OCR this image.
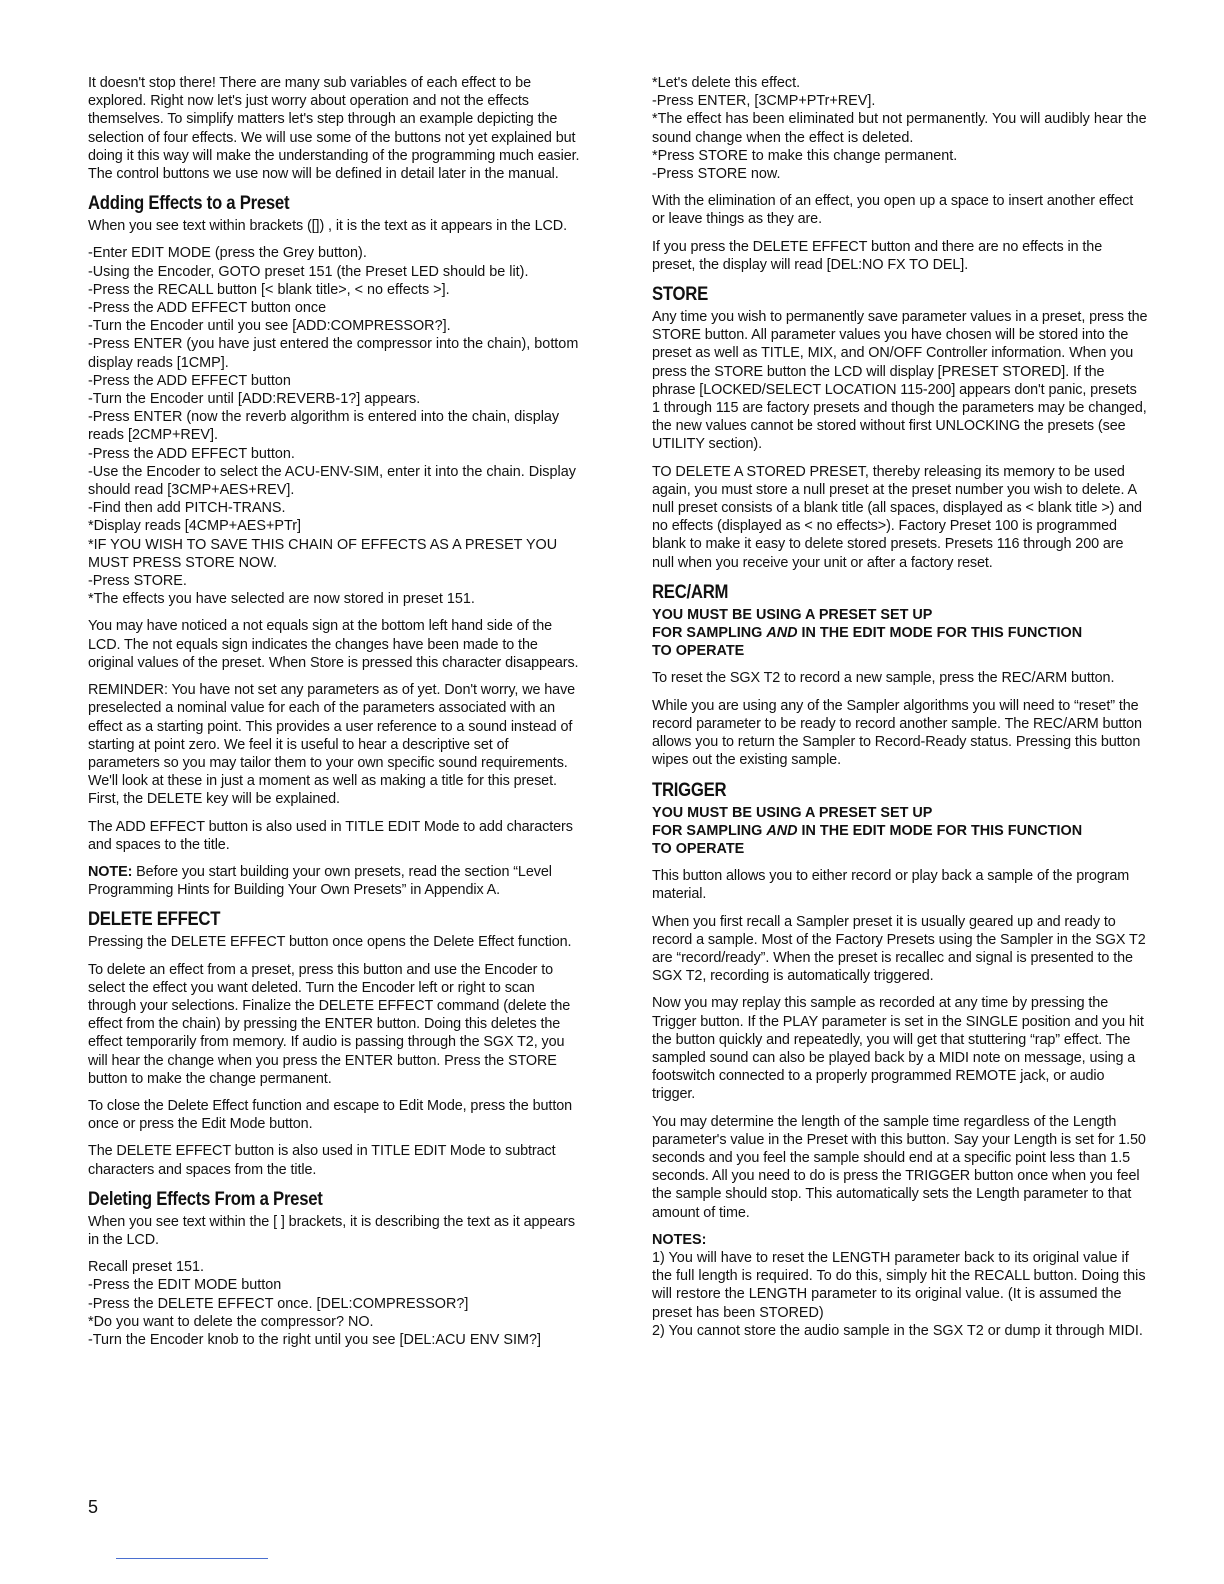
It doesn't stop there! There are many sub variables of each effect to be explored. Right now let's just worry about operation and not the effects themselves. To simplify matters let's step through an example depicting the selection of four effects. We will use some of the buttons not yet explained but doing it this way will make the understanding of the programming much easier. The control buttons we use now will be defined in detail later in the manual.

Adding Effects to a Preset

When you see text within brackets ([]) , it is the text as it appears in the LCD.

-Enter EDIT MODE (press the Grey button).

-Using the Encoder, GOTO preset 151 (the Preset LED should be lit).

-Press the RECALL button [< blank title>, < no effects >].

-Press the ADD EFFECT button once

-Turn the Encoder until you see [ADD:COMPRESSOR?].

-Press ENTER (you have just entered the compressor into the chain), bottom display reads [1CMP].

-Press the ADD EFFECT button

-Turn the Encoder until [ADD:REVERB-1?] appears.

-Press ENTER (now the reverb algorithm is entered into the chain, display reads [2CMP+REV].

-Press the ADD EFFECT button.

-Use the Encoder to select the ACU-ENV-SIM, enter it into the chain. Display should read [3CMP+AES+REV].

-Find then add PITCH-TRANS.

*Display reads [4CMP+AES+PTr]

*IF YOU WISH TO SAVE THIS CHAIN OF EFFECTS AS A PRESET YOU MUST PRESS STORE NOW.

-Press STORE.

*The effects you have selected are now stored in preset 151.

You may have noticed a not equals sign at the bottom left hand side of the LCD. The not equals sign indicates the changes have been made to the original values of the preset. When Store is pressed this character disappears.

REMINDER: You have not set any parameters as of yet. Don't worry, we have preselected a nominal value for each of the parameters associated with an effect as a starting point. This provides a user reference to a sound instead of starting at point zero. We feel it is useful to hear a descriptive set of parameters so you may tailor them to your own specific sound requirements. We'll look at these in just a moment as well as making a title for this preset. First, the DELETE key will be explained.

The ADD EFFECT button is also used in TITLE EDIT Mode to add characters and spaces to the title.

NOTE: Before you start building your own presets, read the section “Level Programming Hints for Building Your Own Presets” in Appendix A.

DELETE EFFECT

Pressing the DELETE EFFECT button once opens the Delete Effect function.

To delete an effect from a preset, press this button and use the Encoder to select the effect you want deleted. Turn the Encoder left or right to scan through your selections. Finalize the DELETE EFFECT command (delete the effect from the chain) by pressing the ENTER button. Doing this deletes the effect temporarily from memory. If audio is passing through the SGX T2, you will hear the change when you press the ENTER button. Press the STORE button to make the change permanent.

To close the Delete Effect function and escape to Edit Mode, press the button once or press the Edit Mode button.

The DELETE EFFECT button is also used in TITLE EDIT Mode to subtract characters and spaces from the title.

Deleting Effects From a Preset

When you see text within the [ ] brackets, it is describing the text as it appears in the LCD.

Recall preset 151.

-Press the EDIT MODE button

-Press the DELETE EFFECT once. [DEL:COMPRESSOR?]

*Do you want to delete the compressor? NO.

-Turn the Encoder knob to the right until you see [DEL:ACU ENV SIM?]

*Let's delete this effect.

-Press ENTER, [3CMP+PTr+REV].

*The effect has been eliminated but not permanently. You will audibly hear the sound change when the effect is deleted.

*Press STORE to make this change permanent.

-Press STORE now.

With the elimination of an effect, you open up a space to insert another effect or leave things as they are.

If you press the DELETE EFFECT button and there are no effects in the preset, the display will read [DEL:NO FX TO DEL].

STORE

Any time you wish to permanently save parameter values in a preset, press the STORE button. All parameter values you have chosen will be stored into the preset as well as TITLE, MIX, and ON/OFF Controller information. When you press the STORE button the LCD will display [PRESET STORED]. If the phrase [LOCKED/SELECT LOCATION 115-200] appears don't panic, presets 1 through 115 are factory presets and though the parameters may be changed, the new values cannot be stored without first UNLOCKING the presets (see UTILITY section).

TO DELETE A STORED PRESET, thereby releasing its memory to be used again, you must store a null preset at the preset number you wish to delete. A null preset consists of a blank title (all spaces, displayed as < blank title >) and no effects (displayed as < no effects>). Factory Preset 100 is programmed blank to make it easy to delete stored presets. Presets 116 through 200 are null when you receive your unit or after a factory reset.

REC/ARM
YOU MUST BE USING A PRESET SET UP
FOR SAMPLING AND IN THE EDIT MODE FOR THIS FUNCTION
TO OPERATE

To reset the SGX T2 to record a new sample, press the REC/ARM button.

While you are using any of the Sampler algorithms you will need to “reset” the record parameter to be ready to record another sample. The REC/ARM button allows you to return the Sampler to Record-Ready status. Pressing this button wipes out the existing sample.

TRIGGER
YOU MUST BE USING A PRESET SET UP
FOR SAMPLING AND IN THE EDIT MODE FOR THIS FUNCTION
TO OPERATE

This button allows you to either record or play back a sample of the program material.

When you first recall a Sampler preset it is usually geared up and ready to record a sample. Most of the Factory Presets using the Sampler in the SGX T2 are “record/ready”. When the preset is recallec and signal is presented to the SGX T2, recording is automatically triggered.

Now you may replay this sample as recorded at any time by pressing the Trigger button. If the PLAY parameter is set in the SINGLE position and you hit the button quickly and repeatedly, you will get that stuttering “rap” effect. The sampled sound can also be played back by a MIDI note on message, using a footswitch connected to a properly programmed REMOTE jack, or audio trigger.

You may determine the length of the sample time regardless of the Length parameter's value in the Preset with this button. Say your Length is set for 1.50 seconds and you feel the sample should end at a specific point less than 1.5 seconds. All you need to do is press the TRIGGER button once when you feel the sample should stop. This automatically sets the Length parameter to that amount of time.

NOTES:

1) You will have to reset the LENGTH parameter back to its original value if the full length is required. To do this, simply hit the RECALL button. Doing this will restore the LENGTH parameter to its original value. (It is assumed the preset has been STORED)

2) You cannot store the audio sample in the SGX T2 or dump it through MIDI.

5
